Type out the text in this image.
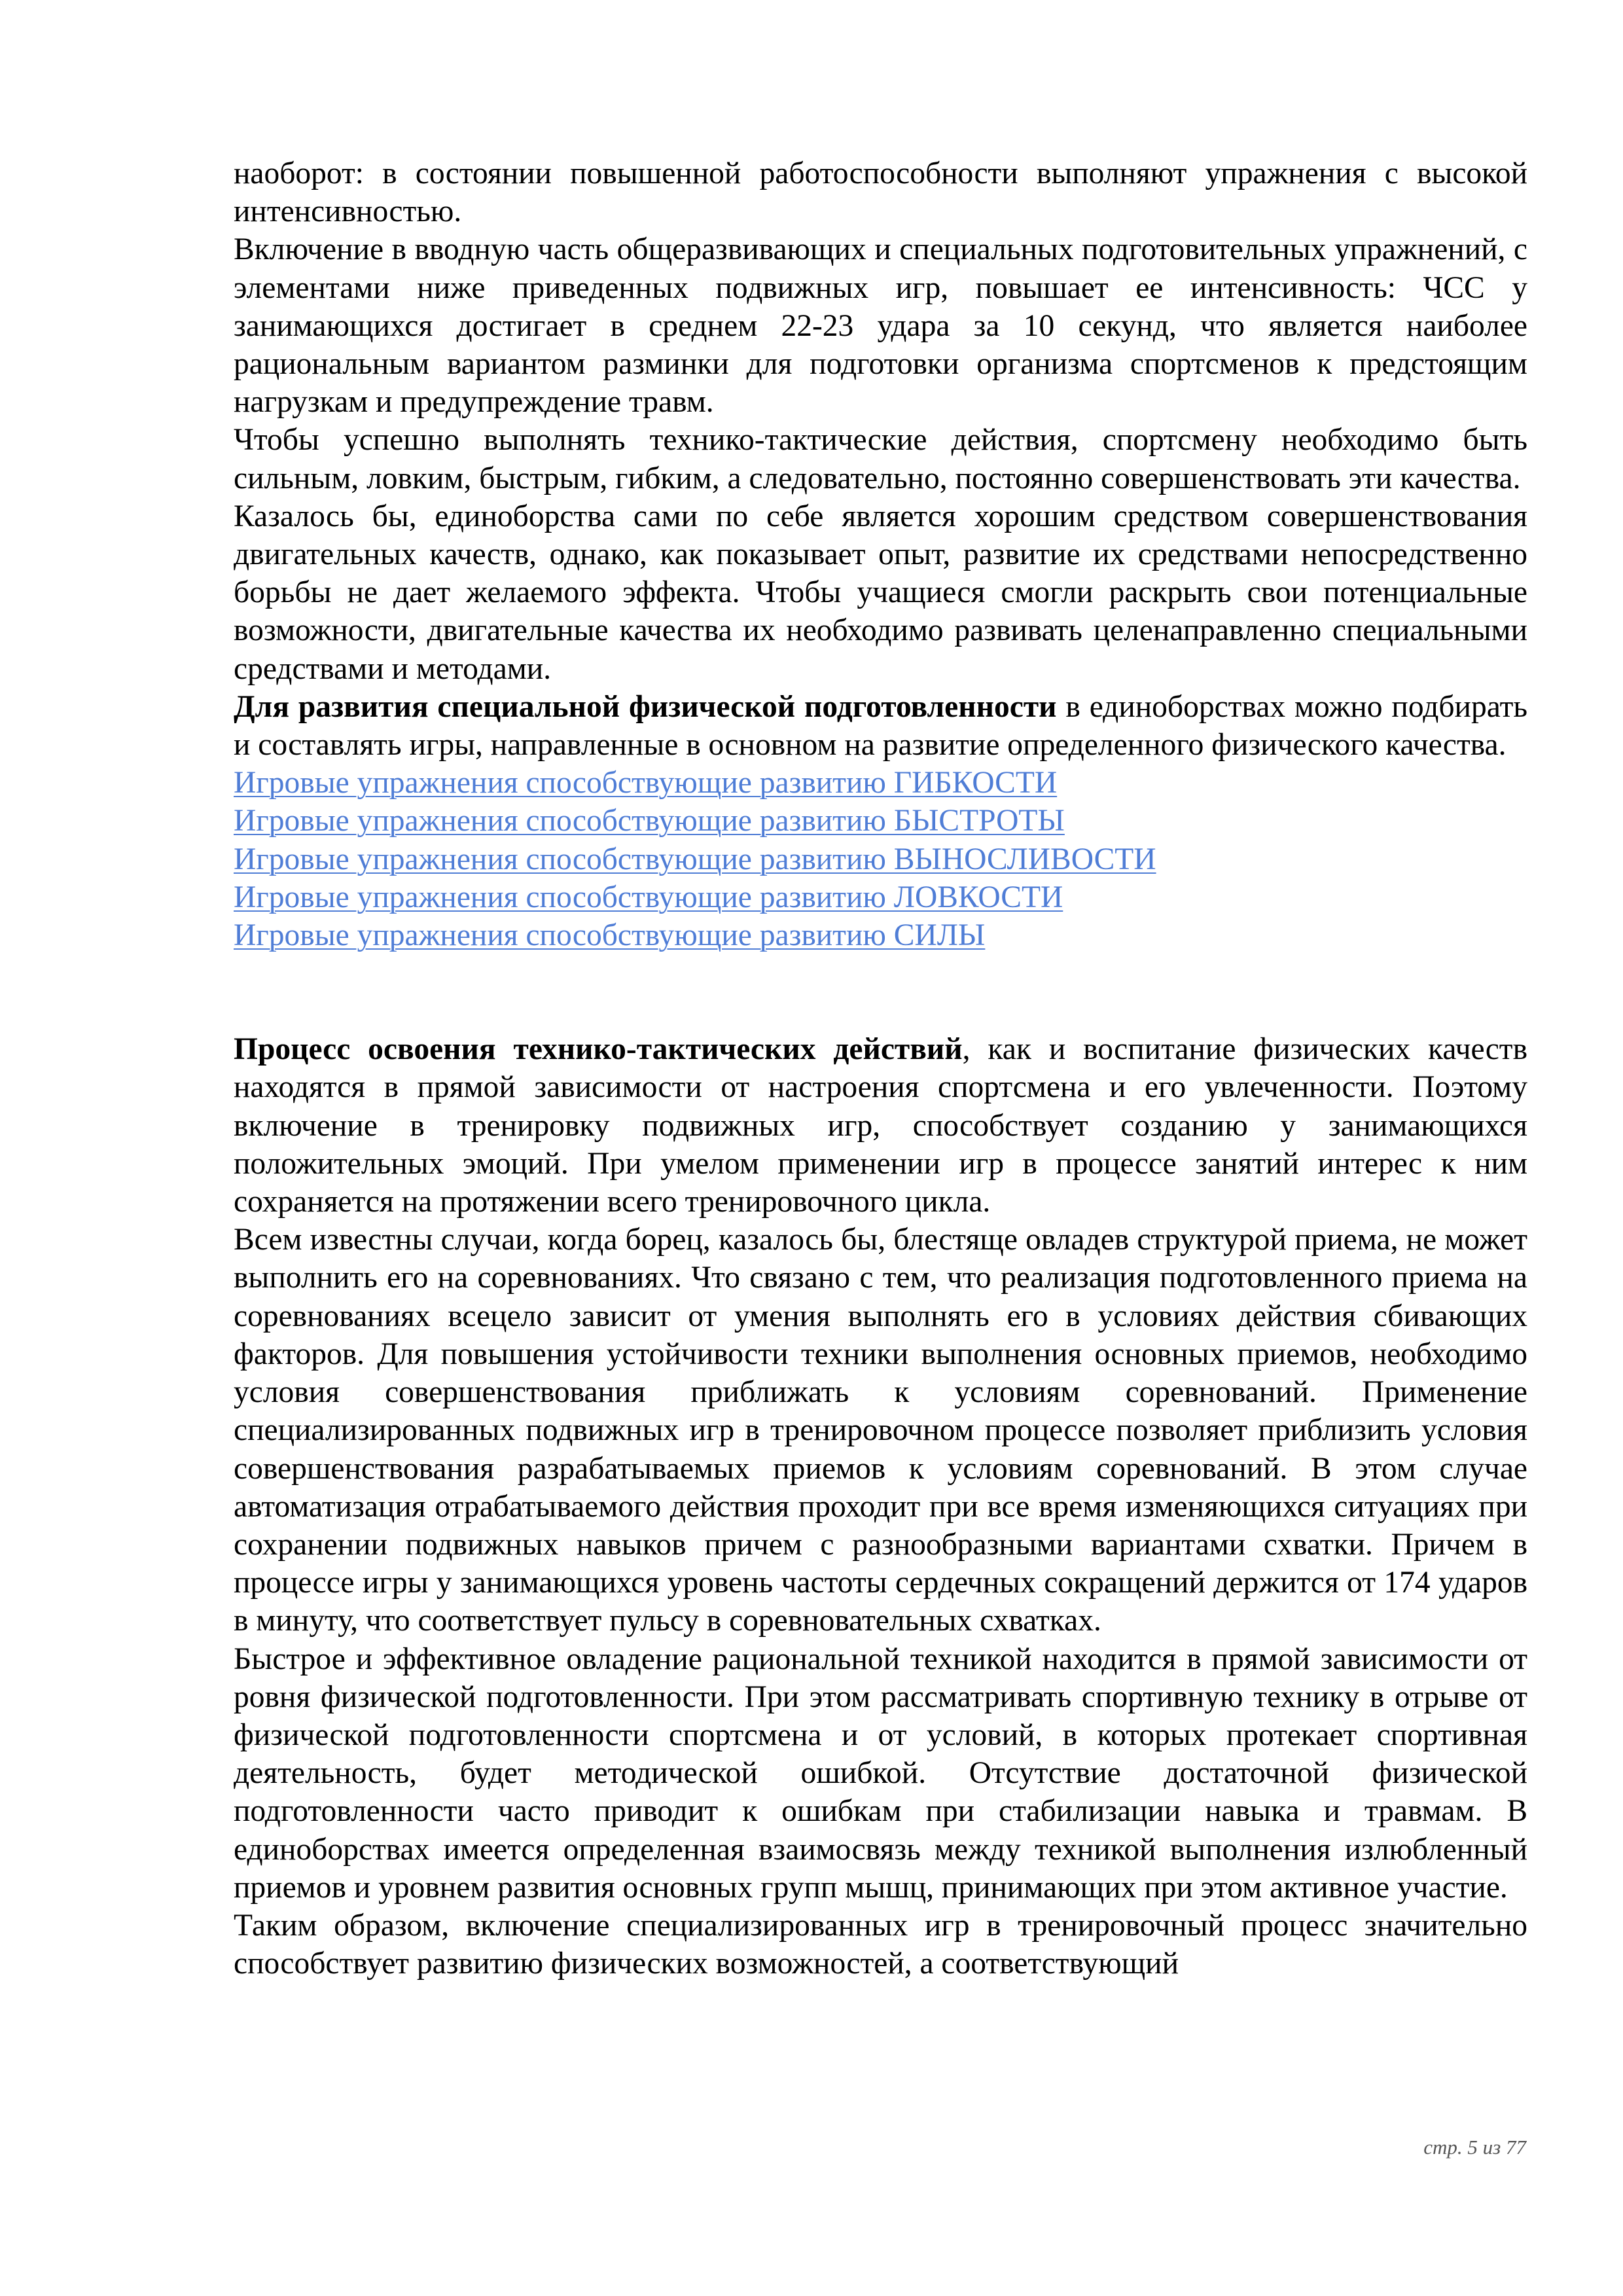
наоборот: в состоянии повышенной работоспособности выполняют упражнения с высокой интенсивностью.

Включение в вводную часть общеразвивающих и специальных подготовительных упражнений, с элементами ниже приведенных подвижных игр, повышает ее интенсивность: ЧСС у занимающихся достигает в среднем 22-23 удара за 10 секунд, что является наиболее рациональным вариантом разминки для подготовки организма спортсменов к предстоящим нагрузкам и предупреждение травм.

Чтобы успешно выполнять технико-тактические действия, спортсмену необходимо быть сильным, ловким, быстрым, гибким, а следовательно, постоянно совершенствовать эти качества.

Казалось бы, единоборства сами по себе является хорошим средством совершенствования двигательных качеств, однако, как показывает опыт, развитие их средствами непосредственно борьбы не дает желаемого эффекта. Чтобы учащиеся смогли раскрыть свои потенциальные возможности, двигательные качества их необходимо развивать целенаправленно специальными средствами и методами.

Для развития специальной физической подготовленности в единоборствах можно подбирать и составлять игры, направленные в основном на развитие определенного физического качества.

Игровые упражнения способствующие развитию ГИБКОСТИ
Игровые упражнения способствующие развитию БЫСТРОТЫ
Игровые упражнения способствующие развитию ВЫНОСЛИВОСТИ
Игровые упражнения способствующие развитию ЛОВКОСТИ
Игровые упражнения способствующие развитию СИЛЫ

Процесс освоения технико-тактических действий, как и воспитание физических качеств находятся в прямой зависимости от настроения спортсмена и его увлеченности. Поэтому включение в тренировку подвижных игр, способствует созданию у занимающихся положительных эмоций. При умелом применении игр в процессе занятий интерес к ним сохраняется на протяжении всего тренировочного цикла.

Всем известны случаи, когда борец, казалось бы, блестяще овладев структурой приема, не может выполнить его на соревнованиях. Что связано с тем, что реализация подготовленного приема на соревнованиях всецело зависит от умения выполнять его в условиях действия сбивающих факторов. Для повышения устойчивости техники выполнения основных приемов, необходимо условия совершенствования приближать к условиям соревнований. Применение специализированных подвижных игр в тренировочном процессе позволяет приблизить условия совершенствования разрабатываемых приемов к условиям соревнований. В этом случае автоматизация отрабатываемого действия проходит при все время изменяющихся ситуациях при сохранении подвижных навыков причем с разнообразными вариантами схватки. Причем в процессе игры у занимающихся уровень частоты сердечных сокращений держится от 174 ударов в минуту, что соответствует пульсу в соревновательных схватках.

Быстрое и эффективное овладение рациональной техникой находится в прямой зависимости от ровня физической подготовленности. При этом рассматривать спортивную технику в отрыве от физической подготовленности спортсмена и от условий, в которых протекает спортивная деятельность, будет методической ошибкой. Отсутствие достаточной физической подготовленности часто приводит к ошибкам при стабилизации навыка и травмам. В единоборствах имеется определенная взаимосвязь между техникой выполнения излюбленный приемов и уровнем развития основных групп мышц, принимающих при этом активное участие.

Таким образом, включение специализированных игр в тренировочный процесс значительно способствует развитию физических возможностей, а соответствующий

стр. 5 из 77
